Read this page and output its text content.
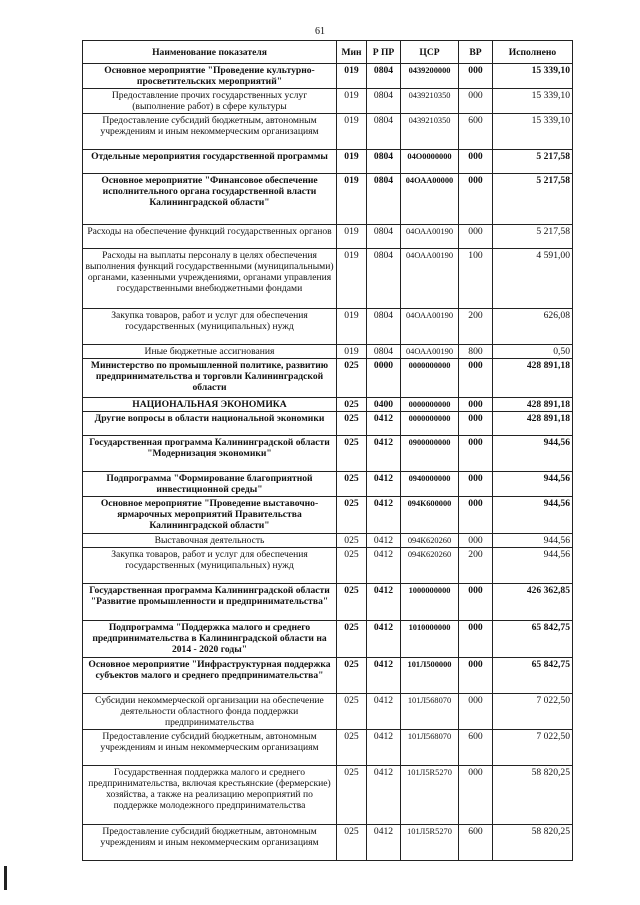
61
Наименование показателя	Мин	Р ПР	ЦСР	ВР	Исполнено
Основное мероприятие "Проведение культурно-просветительских мероприятий"	019	0804	0439200000	000	15 339,10
Предоставление прочих государственных услуг (выполнение работ) в сфере культуры	019	0804	0439210350	000	15 339,10
Предоставление субсидий бюджетным, автономным учреждениям и иным некоммерческим организациям	019	0804	0439210350	600	15 339,10
Отдельные мероприятия государственной программы	019	0804	04О0000000	000	5 217,58
Основное мероприятие "Финансовое обеспечение исполнительного органа государственной власти Калининградской области"	019	0804	04ОАА00000	000	5 217,58
Расходы на обеспечение функций государственных органов	019	0804	04ОАА00190	000	5 217,58
Расходы на выплаты персоналу в целях обеспечения выполнения функций государственными (муниципальными) органами, казенными учреждениями, органами управления государственными внебюджетными фондами	019	0804	04ОАА00190	100	4 591,00
Закупка товаров, работ и услуг для обеспечения государственных (муниципальных) нужд	019	0804	04ОАА00190	200	626,08
Иные бюджетные ассигнования	019	0804	04ОАА00190	800	0,50
Министерство по промышленной политике, развитию предпринимательства и торговли Калининградской области	025	0000	0000000000	000	428 891,18
НАЦИОНАЛЬНАЯ ЭКОНОМИКА	025	0400	0000000000	000	428 891,18
Другие вопросы в области национальной экономики	025	0412	0000000000	000	428 891,18
Государственная программа Калининградской области "Модернизация экономики"	025	0412	0900000000	000	944,56
Подпрограмма "Формирование благоприятной инвестиционной среды"	025	0412	0940000000	000	944,56
Основное мероприятие "Проведение выставочно-ярмарочных мероприятий Правительства Калининградской области"	025	0412	094К600000	000	944,56
Выставочная деятельность	025	0412	094К620260	000	944,56
Закупка товаров, работ и услуг для обеспечения государственных (муниципальных) нужд	025	0412	094К620260	200	944,56
Государственная программа Калининградской области "Развитие промышленности и предпринимательства"	025	0412	1000000000	000	426 362,85
Подпрограмма "Поддержка малого и среднего предпринимательства в Калининградской области на 2014 - 2020 годы"	025	0412	1010000000	000	65 842,75
Основное мероприятие "Инфраструктурная поддержка субъектов малого и среднего предпринимательства"	025	0412	101Л500000	000	65 842,75
Субсидии некоммерческой организации на обеспечение деятельности областного фонда поддержки предпринимательства	025	0412	101Л568070	000	7 022,50
Предоставление субсидий бюджетным, автономным учреждениям и иным некоммерческим организациям	025	0412	101Л568070	600	7 022,50
Государственная поддержка малого и среднего предпринимательства, включая крестьянские (фермерские) хозяйства, а также на реализацию мероприятий по поддержке молодежного предпринимательства	025	0412	101Л5R5270	000	58 820,25
Предоставление субсидий бюджетным, автономным учреждениям и иным некоммерческим организациям	025	0412	101Л5R5270	600	58 820,25
